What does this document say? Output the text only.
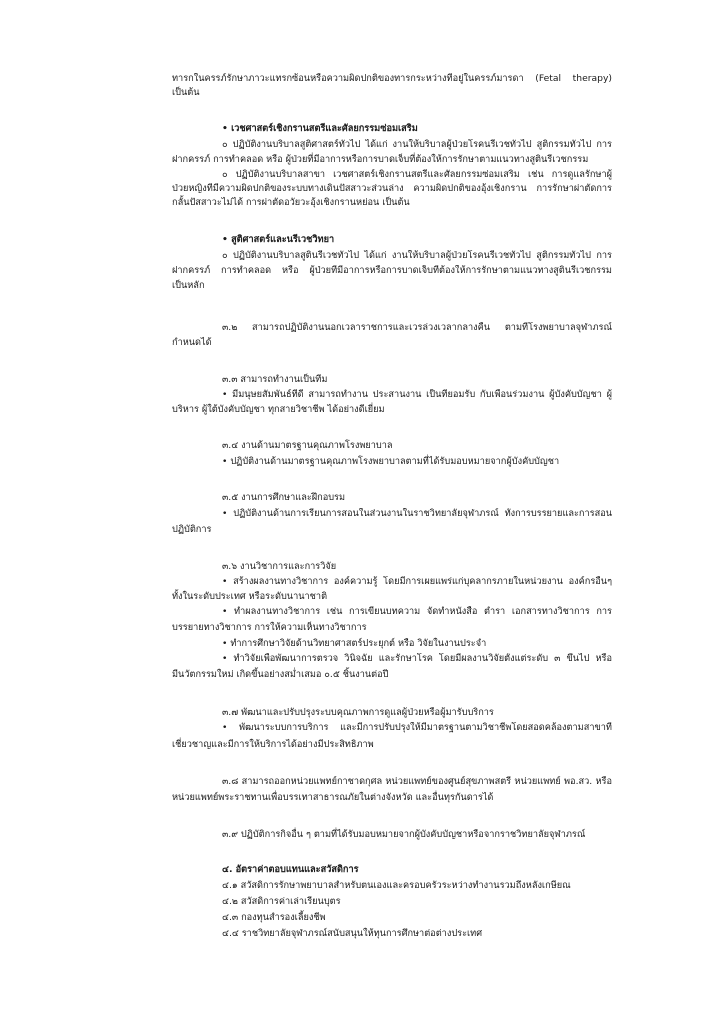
ทารกในครรภ์รักษาภาวะแทรกซ้อนหรือความผิดปกติของทารกระหว่างที่อยู่ในครรภ์มารดา (Fetal therapy)
เป็นต้น
• เวชศาสตร์เชิงกรานสตรีและศัลยกรรมซ่อมเสริม
๐ ปฏิบัติงานบริบาลสูติศาสตร์ทั่วไป ได้แก่ งานให้บริบาลผู้ป่วยโรคนรีเวชทั่วไป สูติกรรมทั่วไป การ
ฝากครรภ์ การทำคลอด หรือ ผู้ป่วยที่มีอาการหรือการบาดเจ็บที่ต้องให้การรักษาตามแนวทางสูตินรีเวชกรรม
๐ ปฏิบัติงานบริบาลสาขา เวชศาสตร์เชิงกรานสตรีและศัลยกรรมซ่อมเสริม เช่น การดูแลรักษาผู้
ป่วยหญิงที่มีความผิดปกติของระบบทางเดินปัสสาวะส่วนล่าง ความผิดปกติของอุ้งเชิงกราน การรักษาผ่าตัดการ
กลั้นปัสสาวะไม่ได้ การผ่าตัดอวัยวะอุ้งเชิงกรานหย่อน เป็นต้น
• สูติศาสตร์และนรีเวชวิทยา
๐ ปฏิบัติงานบริบาลสูตินรีเวชทั่วไป ได้แก่ งานให้บริบาลผู้ป่วยโรคนรีเวชทั่วไป สูติกรรมทั่วไป การ
ฝากครรภ์ การทำคลอด หรือ ผู้ป่วยที่มีอาการหรือการบาดเจ็บที่ต้องให้การรักษาตามแนวทางสูตินรีเวชกรรม
เป็นหลัก
๓.๒ สามารถปฏิบัติงานนอกเวลาราชการและเวรล่วงเวลากลางคืน ตามที่โรงพยาบาลจุฬาภรณ์
กำหนดได้
๓.๓ สามารถทำงานเป็นทีม
• มีมนุษยสัมพันธ์ที่ดี สามารถทำงาน ประสานงาน เป็นที่ยอมรับ กับเพื่อนร่วมงาน ผู้บังคับบัญชา ผู้
บริหาร ผู้ใต้บังคับบัญชา ทุกสายวิชาชีพ ได้อย่างดีเยี่ยม
๓.๔ งานด้านมาตรฐานคุณภาพโรงพยาบาล
• ปฏิบัติงานด้านมาตรฐานคุณภาพโรงพยาบาลตามที่ได้รับมอบหมายจากผู้บังคับบัญชา
๓.๕ งานการศึกษาและฝึกอบรม
• ปฏิบัติงานด้านการเรียนการสอนในส่วนงานในราชวิทยาลัยจุฬาภรณ์ ทั้งการบรรยายและการสอน
ปฏิบัติการ
๓.๖ งานวิชาการและการวิจัย
• สร้างผลงานทางวิชาการ องค์ความรู้ โดยมีการเผยแพร่แก่บุคลากรภายในหน่วยงาน องค์กรอื่นๆ
ทั้งในระดับประเทศ หรือระดับนานาชาติ
• ทำผลงานทางวิชาการ เช่น การเขียนบทความ จัดทำหนังสือ ตำรา เอกสารทางวิชาการ การ
บรรยายทางวิชาการ การให้ความเห็นทางวิชาการ
• ทำการศึกษาวิจัยด้านวิทยาศาสตร์ประยุกต์ หรือ วิจัยในงานประจำ
• ทำวิจัยเพื่อพัฒนาการตรวจ วินิจฉัย และรักษาโรค โดยมีผลงานวิจัยตั้งแต่ระดับ ๓ ขึ้นไป หรือ
มีนวัตกรรมใหม่ เกิดขึ้นอย่างสม่ำเสมอ ๐.๕ ชิ้นงานต่อปี
๓.๗ พัฒนาและปรับปรุงระบบคุณภาพการดูแลผู้ป่วยหรือผู้มารับบริการ
• พัฒนาระบบการบริการ และมีการปรับปรุงให้มีมาตรฐานตามวิชาชีพโดยสอดคล้องตามสาขาที่
เชี่ยวชาญและมีการให้บริการได้อย่างมีประสิทธิภาพ
๓.๘ สามารถออกหน่วยแพทย์กาชาดกุศล หน่วยแพทย์ของศูนย์สุขภาพสตรี หน่วยแพทย์ พอ.สว. หรือ
หน่วยแพทย์พระราชทานเพื่อบรรเทาสาธารณภัยในต่างจังหวัด และอื่นทุรกันดารได้
๓.๙ ปฏิบัติการกิจอื่น ๆ ตามที่ได้รับมอบหมายจากผู้บังคับบัญชาหรือจากราชวิทยาลัยจุฬาภรณ์
๔. อัตราค่าตอบแทนและสวัสดิการ
๔.๑ สวัสดิการรักษาพยาบาลสำหรับตนเองและครอบครัวระหว่างทำงานรวมถึงหลังเกษียณ
๔.๒ สวัสดิการค่าเล่าเรียนบุตร
๔.๓ กองทุนสำรองเลี้ยงชีพ
๔.๔ ราชวิทยาลัยจุฬาภรณ์สนับสนุนให้ทุนการศึกษาต่อต่างประเทศ
